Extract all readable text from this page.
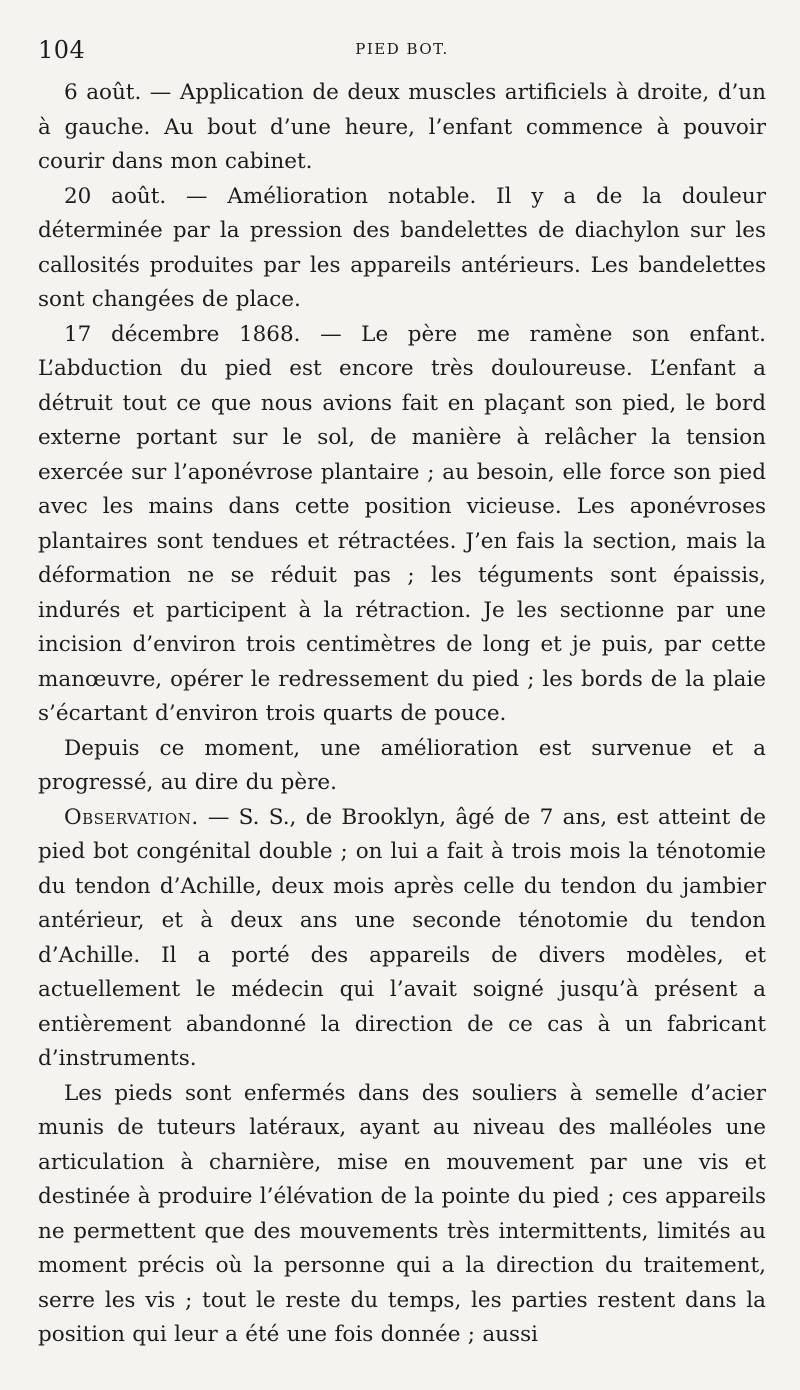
104	PIED BOT.

6 août. — Application de deux muscles artificiels à droite, d’un à gauche. Au bout d’une heure, l’enfant commence à pouvoir courir dans mon cabinet.

20 août. — Amélioration notable. Il y a de la douleur déterminée par la pression des bandelettes de diachylon sur les callosités produites par les appareils antérieurs. Les bandelettes sont changées de place.

17 décembre 1868. — Le père me ramène son enfant. L’abduction du pied est encore très douloureuse. L’enfant a détruit tout ce que nous avions fait en plaçant son pied, le bord externe portant sur le sol, de manière à relâcher la tension exercée sur l’aponévrose plantaire ; au besoin, elle force son pied avec les mains dans cette position vicieuse. Les aponévroses plantaires sont tendues et rétractées. J’en fais la section, mais la déformation ne se réduit pas ; les téguments sont épaissis, indurés et participent à la rétraction. Je les sectionne par une incision d’environ trois centimètres de long et je puis, par cette manœuvre, opérer le redressement du pied ; les bords de la plaie s’écartant d’environ trois quarts de pouce.

Depuis ce moment, une amélioration est survenue et a progressé, au dire du père.

Observation. — S. S., de Brooklyn, âgé de 7 ans, est atteint de pied bot congénital double ; on lui a fait à trois mois la ténotomie du tendon d’Achille, deux mois après celle du tendon du jambier antérieur, et à deux ans une seconde ténotomie du tendon d’Achille. Il a porté des appareils de divers modèles, et actuellement le médecin qui l’avait soigné jusqu’à présent a entièrement abandonné la direction de ce cas à un fabricant d’instruments.

Les pieds sont enfermés dans des souliers à semelle d’acier munis de tuteurs latéraux, ayant au niveau des malléoles une articulation à charnière, mise en mouvement par une vis et destinée à produire l’élévation de la pointe du pied ; ces appareils ne permettent que des mouvements très intermittents, limités au moment précis où la personne qui a la direction du traitement, serre les vis ; tout le reste du temps, les parties restent dans la position qui leur a été une fois donnée ; aussi
